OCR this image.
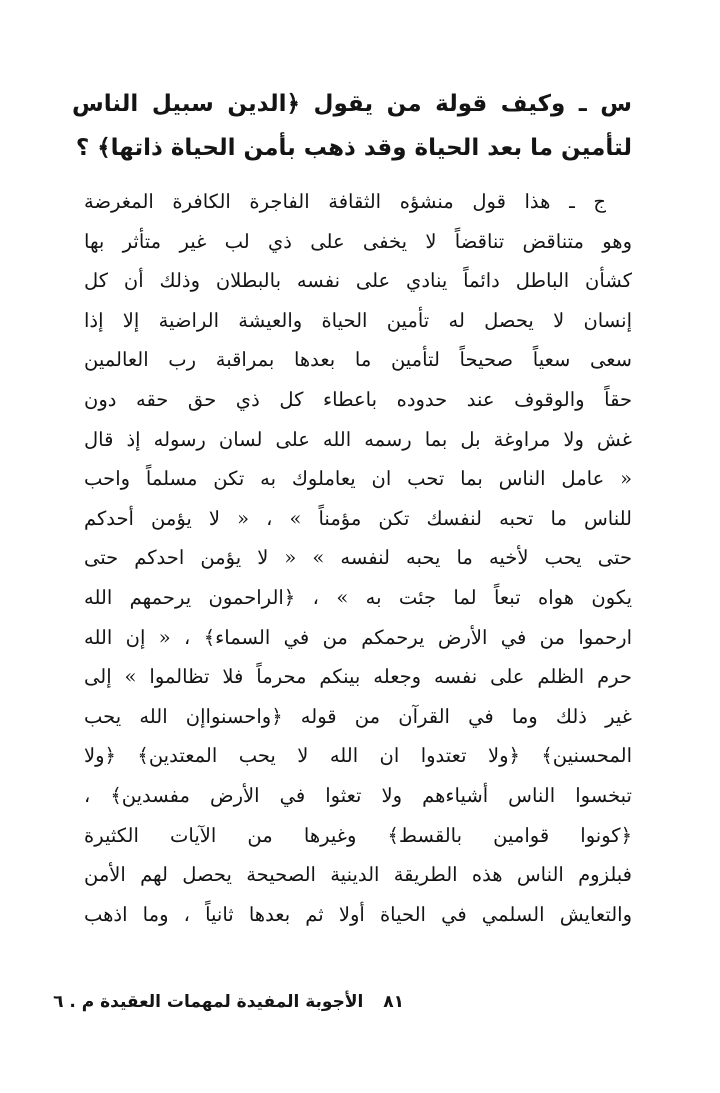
س ـ وكيف قولة من يقول ﴿الدين سبيل الناس لتأمين ما بعد الحياة وقد ذهب بأمن الحياة ذاتها﴾ ؟

ج ـ هذا قول منشؤه الثقافة الفاجرة الكافرة المغرضة
وهو متناقض تناقضاً لا يخفى على ذي لب غير متأثر بها
كشأن الباطل دائماً ينادي على نفسه بالبطلان وذلك أن كل
إنسان لا يحصل له تأمين الحياة والعيشة الراضية إلا إذا
سعى سعياً صحيحاً لتأمين ما بعدها بمراقبة رب العالمين
حقاً والوقوف عند حدوده باعطاء كل ذي حق حقه دون
غش ولا مراوغة بل بما رسمه الله على لسان رسوله إذ قال
« عامل الناس بما تحب ان يعاملوك به تكن مسلماً واحب
للناس ما تحبه لنفسك تكن مؤمناً » ، « لا يؤمن أحدكم
حتى يحب لأخيه ما يحبه لنفسه » « لا يؤمن احدكم حتى
يكون هواه تبعاً لما جئت به » ، ﴿الراحمون يرحمهم الله
ارحموا من في الأرض يرحمكم من في السماء﴾ ، « إن الله
حرم الظلم على نفسه وجعله بينكم محرماً فلا تظالموا » إلى
غير ذلك وما في القرآن من قوله ﴿واحسنواإن الله يحب
المحسنين﴾ ﴿ولا تعتدوا ان الله لا يحب المعتدين﴾ ﴿ولا
تبخسوا الناس أشياءهم ولا تعثوا في الأرض مفسدين﴾ ،
﴿كونوا قوامين بالقسط﴾ وغيرها من الآيات الكثيرة
فبلزوم الناس هذه الطريقة الدينية الصحيحة يحصل لهم الأمن
والتعايش السلمي في الحياة أولا ثم بعدها ثانياً ، وما اذهب
٨١ الأجوبة المفيدة لمهمات العقيدة م . ٦
